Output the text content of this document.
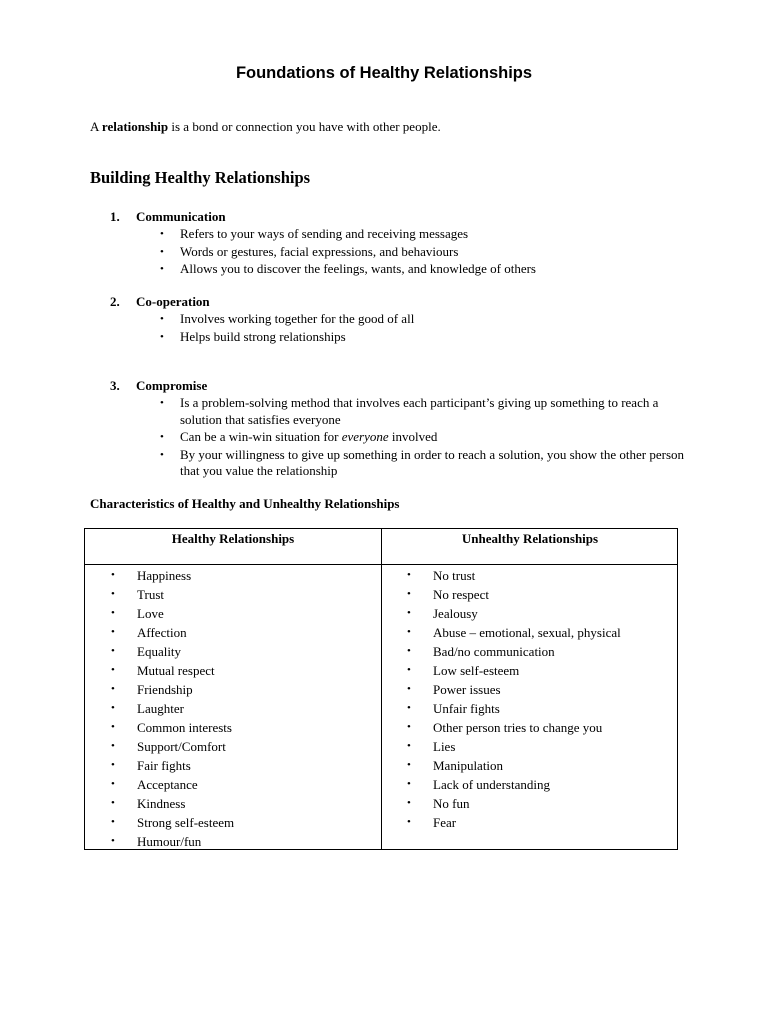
Foundations of Healthy Relationships
A relationship is a bond or connection you have with other people.
Building Healthy Relationships
1. Communication
• Refers to your ways of sending and receiving messages
• Words or gestures, facial expressions, and behaviours
• Allows you to discover the feelings, wants, and knowledge of others
2. Co-operation
• Involves working together for the good of all
• Helps build strong relationships
3. Compromise
• Is a problem-solving method that involves each participant’s giving up something to reach a solution that satisfies everyone
• Can be a win-win situation for everyone involved
• By your willingness to give up something in order to reach a solution, you show the other person that you value the relationship
Characteristics of Healthy and Unhealthy Relationships
Healthy Relationships	Unhealthy Relationships
• Happiness
• Trust
• Love
• Affection
• Equality
• Mutual respect
• Friendship
• Laughter
• Common interests
• Support/Comfort
• Fair fights
• Acceptance
• Kindness
• Strong self-esteem
• Humour/fun
• No trust
• No respect
• Jealousy
• Abuse – emotional, sexual, physical
• Bad/no communication
• Low self-esteem
• Power issues
• Unfair fights
• Other person tries to change you
• Lies
• Manipulation
• Lack of understanding
• No fun
• Fear
